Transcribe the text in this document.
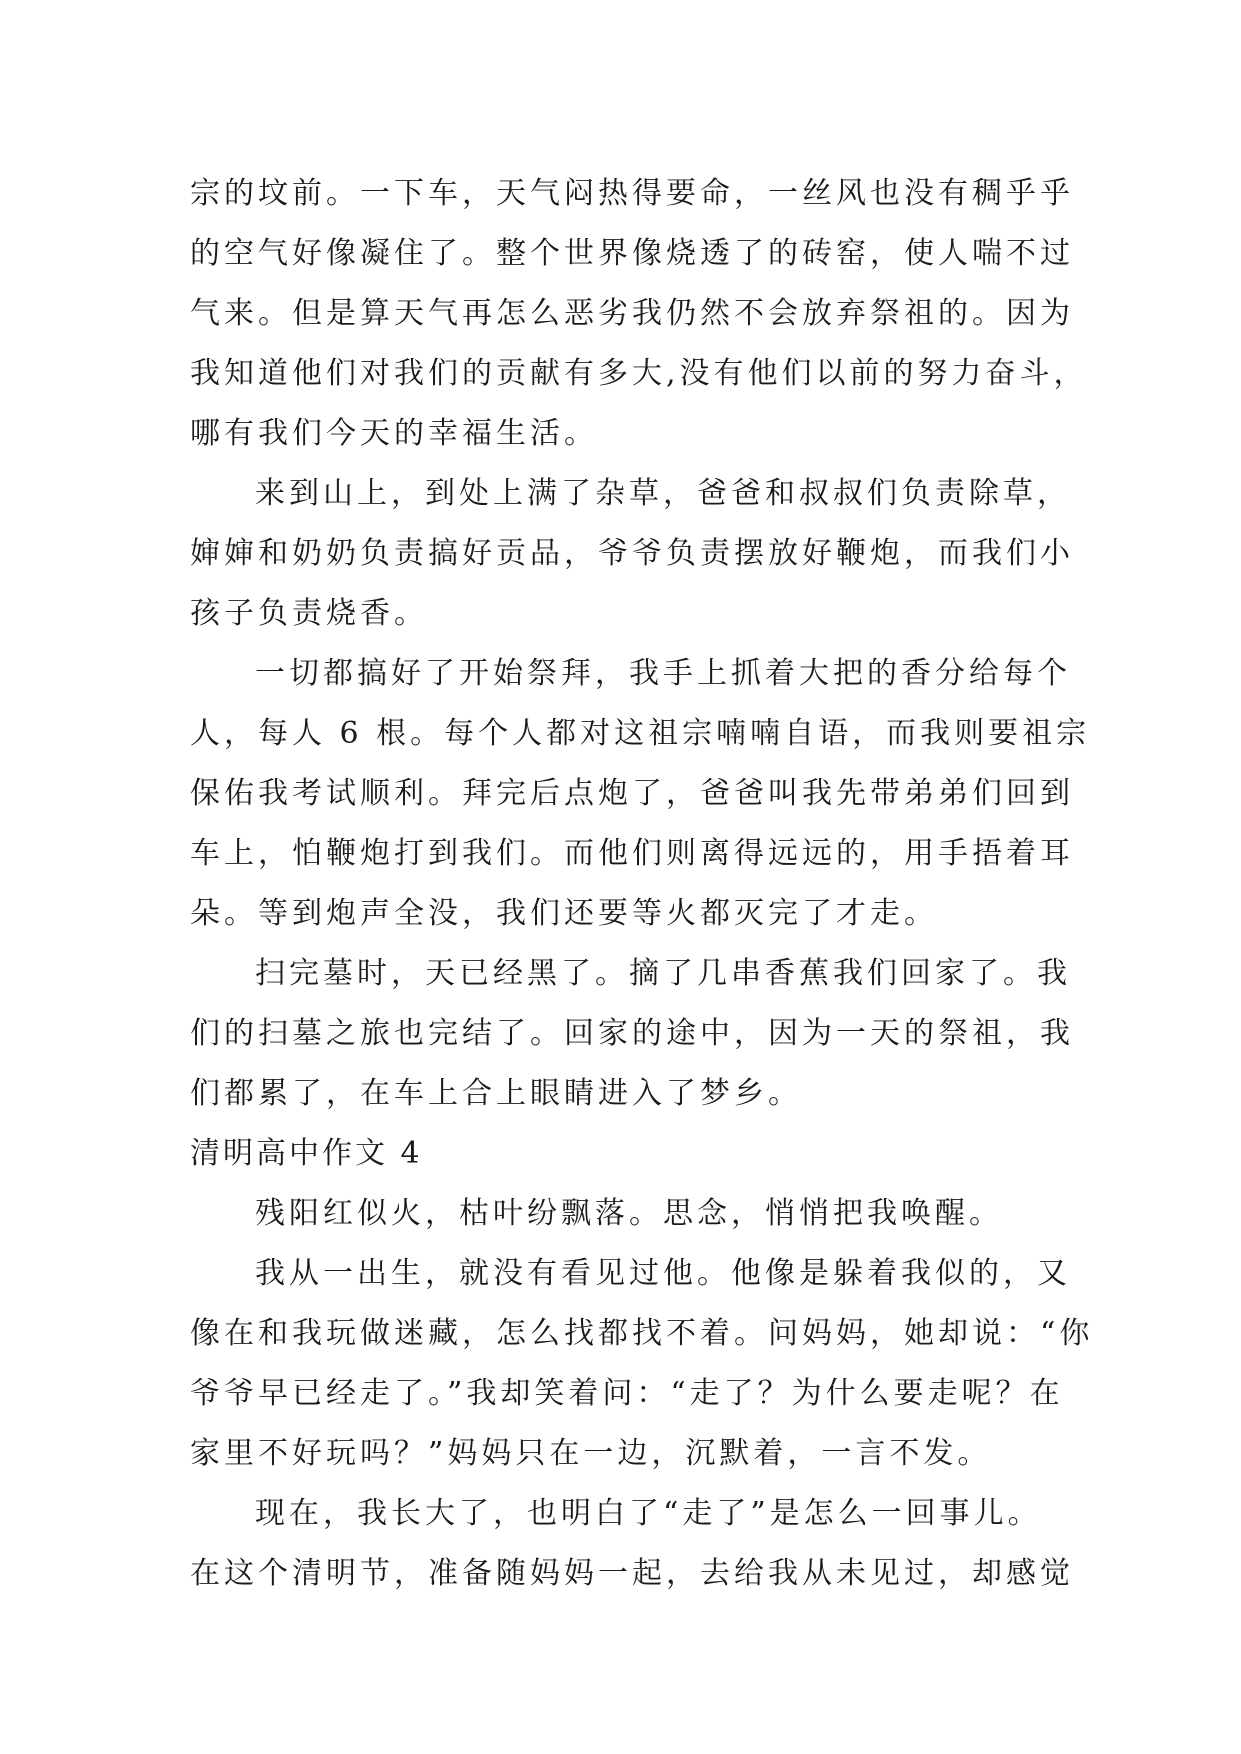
宗的坟前。一下车，天气闷热得要命，一丝风也没有稠乎乎
的空气好像凝住了。整个世界像烧透了的砖窑，使人喘不过
气来。但是算天气再怎么恶劣我仍然不会放弃祭祖的。因为
我知道他们对我们的贡献有多大,没有他们以前的努力奋斗，
哪有我们今天的幸福生活。
来到山上，到处上满了杂草，爸爸和叔叔们负责除草，
婶婶和奶奶负责搞好贡品，爷爷负责摆放好鞭炮，而我们小
孩子负责烧香。
一切都搞好了开始祭拜，我手上抓着大把的香分给每个
人，每人 6 根。每个人都对这祖宗喃喃自语，而我则要祖宗
保佑我考试顺利。拜完后点炮了，爸爸叫我先带弟弟们回到
车上，怕鞭炮打到我们。而他们则离得远远的，用手捂着耳
朵。等到炮声全没，我们还要等火都灭完了才走。
扫完墓时，天已经黑了。摘了几串香蕉我们回家了。我
们的扫墓之旅也完结了。回家的途中，因为一天的祭祖，我
们都累了，在车上合上眼睛进入了梦乡。
清明高中作文 4
残阳红似火，枯叶纷飘落。思念，悄悄把我唤醒。
我从一出生，就没有看见过他。他像是躲着我似的，又
像在和我玩做迷藏，怎么找都找不着。问妈妈，她却说：“你
爷爷早已经走了。”我却笑着问：“走了？为什么要走呢？在
家里不好玩吗？”妈妈只在一边，沉默着，一言不发。
现在，我长大了，也明白了“走了”是怎么一回事儿。
在这个清明节，准备随妈妈一起，去给我从未见过，却感觉
